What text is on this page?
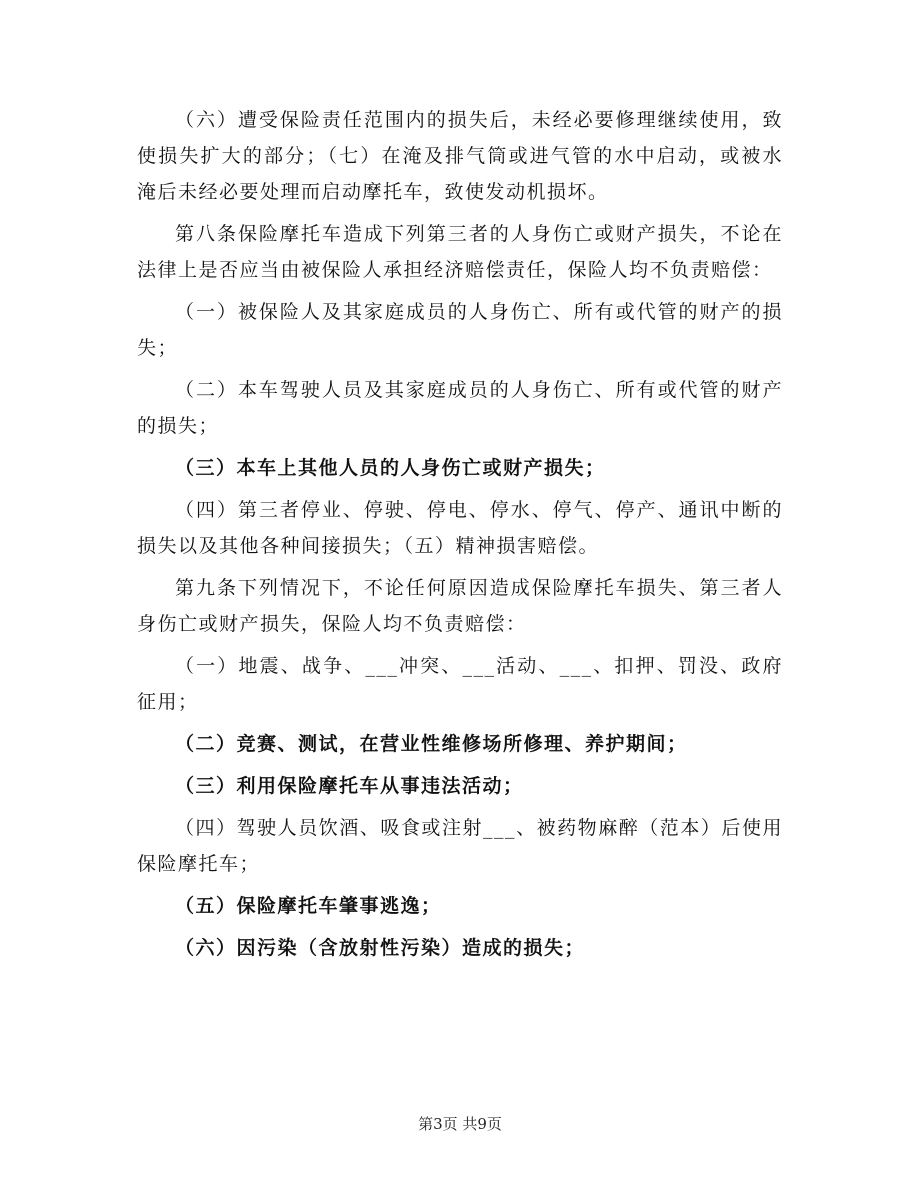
（六）遭受保险责任范围内的损失后，未经必要修理继续使用，致使损失扩大的部分；（七）在淹及排气筒或进气管的水中启动，或被水淹后未经必要处理而启动摩托车，致使发动机损坏。

第八条保险摩托车造成下列第三者的人身伤亡或财产损失，不论在法律上是否应当由被保险人承担经济赔偿责任，保险人均不负责赔偿：

（一）被保险人及其家庭成员的人身伤亡、所有或代管的财产的损失；

（二）本车驾驶人员及其家庭成员的人身伤亡、所有或代管的财产的损失；

（三）本车上其他人员的人身伤亡或财产损失；

（四）第三者停业、停驶、停电、停水、停气、停产、通讯中断的损失以及其他各种间接损失；（五）精神损害赔偿。

第九条下列情况下，不论任何原因造成保险摩托车损失、第三者人身伤亡或财产损失，保险人均不负责赔偿：

（一）地震、战争、___冲突、___活动、___、扣押、罚没、政府征用；

（二）竞赛、测试，在营业性维修场所修理、养护期间；

（三）利用保险摩托车从事违法活动；

（四）驾驶人员饮酒、吸食或注射___、被药物麻醉（范本）后使用保险摩托车；

（五）保险摩托车肇事逃逸；

（六）因污染（含放射性污染）造成的损失；

第3页 共9页
